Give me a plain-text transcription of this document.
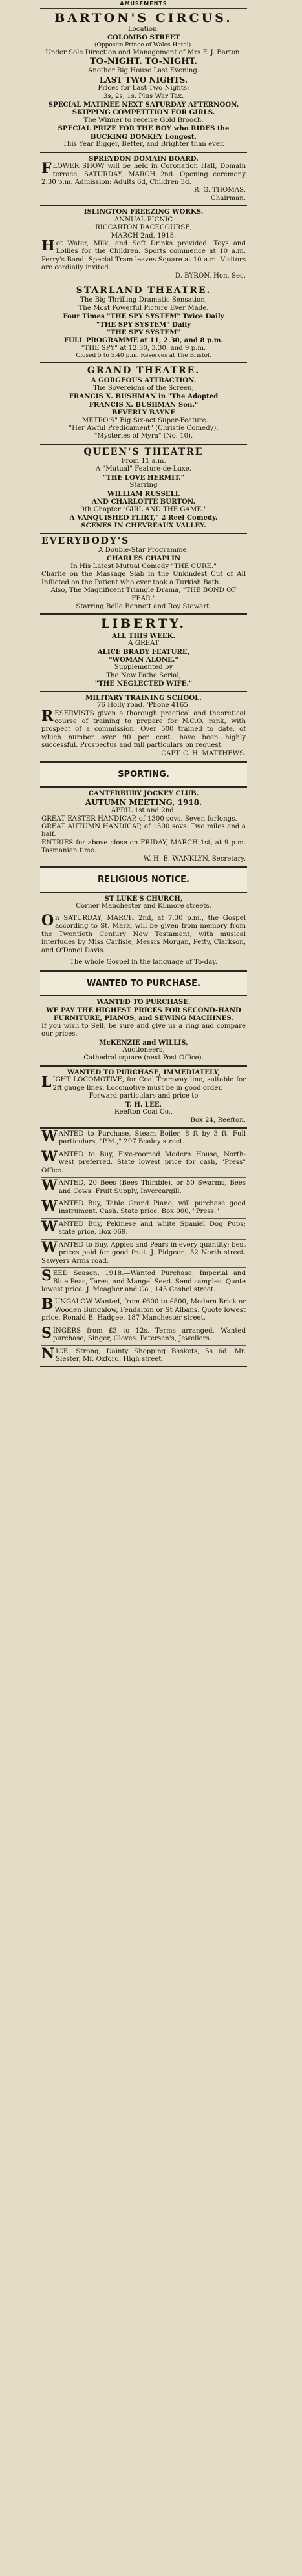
AMUSEMENTS
BARTON'S CIRCUS.
Location:
COLOMBO STREET
(Opposite Prince of Wales Hotel).
Under Sole Direction and Management of Mrs F. J. Barton.
TO-NIGHT. TO-NIGHT.
Another Big House Last Evening.
LAST TWO NIGHTS.
Prices for Last Two Nights:
3s, 2s, 1s. Plus War Tax.
SPECIAL MATINEE NEXT SATURDAY AFTERNOON.
SKIPPING COMPETITION FOR GIRLS.
The Winner to receive Gold Brooch.
SPECIAL PRIZE FOR THE BOY who RIDES the BUCKING DONKEY Longest.
This Year Bigger, Better, and Brighter than ever.
SPREYDON DOMAIN BOARD.
FLOWER SHOW will be held in Coronation Hall, Domain terrace, SATURDAY, MARCH 2nd. Opening ceremony 2.30 p.m. Admission: Adults 6d, Children 3d.
R. G. THOMAS,
Chairman.
ISLINGTON FREEZING WORKS.
ANNUAL PICNIC
RICCARTON RACECOURSE,
MARCH 2nd, 1918.
Hot Water, Milk, and Soft Drinks provided. Toys and Lollies for the Children. Sports commence at 10 a.m. Perry's Band. Special Tram leaves Square at 10 a.m. Visitors are cordially invited.
D. BYRON, Hon. Sec.
STARLAND THEATRE.
The Big Thrilling Dramatic Sensation,
The Most Powerful Picture Ever Made.
Four Times "THE SPY SYSTEM" Twice Daily
"THE SPY SYSTEM" Daily
"THE SPY SYSTEM"
FULL PROGRAMME at 11, 2.30, and 8 p.m.
"THE SPY" at 12.30, 3.30, and 9 p.m.
Closed 5 to 5.40 p.m. Reserves at The Bristol.
GRAND THEATRE.
A GORGEOUS ATTRACTION.
The Sovereigns of the Screen,
FRANCIS X. BUSHMAN in "The Adopted
FRANCIS X. BUSHMAN Son."
BEVERLY BAYNE
"METRO'S" Big Six-act Super-Feature.
"Her Awful Predicament" (Christie Comedy).
"Mysteries of Myra" (No. 10).
QUEEN'S THEATRE
From 11 a.m.
A "Mutual" Feature-de-Luxe.
"THE LOVE HERMIT."
Starring
WILLIAM RUSSELL
AND CHARLOTTE BURTON.
9th Chapter "GIRL AND THE GAME."
A VANQUISHED FLIRT," 2 Reel Comedy.
SCENES IN CHEVREAUX VALLEY.
EVERYBODY'S
A Double-Star Programme.
CHARLES CHAPLIN
In His Latest Mutual Comedy "THE CURE."
Charlie on the Massage Slab in the Unkindest Cut of All Inflicted on the Patient who ever took a Turkish Bath.
Also, The Magnificent Triangle Drama, "THE BOND OF FEAR."
Starring Belle Bennett and Roy Stewart.
LIBERTY.
ALL THIS WEEK.
A GREAT
ALICE BRADY FEATURE,
"WOMAN ALONE."
Supplemented by
The New Pathe Serial,
"THE NEGLECTED WIFE."
MILITARY TRAINING SCHOOL.
76 Holly road. 'Phone 4165.
RESERVISTS given a thorough practical and theoretical course of training to prepare for N.C.O. rank, with prospect of a commission. Over 500 trained to date, of which number over 90 per cent. have been highly successful. Prospectus and full particulars on request.
CAPT. C. H. MATTHEWS.
SPORTING.
CANTERBURY JOCKEY CLUB.
AUTUMN MEETING, 1918.
APRIL 1st and 2nd.
GREAT EASTER HANDICAP, of 1300 sovs. Seven furlongs.
GREAT AUTUMN HANDICAP, of 1500 sovs. Two miles and a half.
ENTRIES for above close on FRIDAY, MARCH 1st, at 9 p.m. Tasmanian time.
W. H. E. WANKLYN, Secretary.
RELIGIOUS NOTICE.
ST LUKE'S CHURCH,
Corner Manchester and Kilmore streets.
On SATURDAY, MARCH 2nd, at 7.30 p.m., the Gospel according to St. Mark, will be given from memory from the Twentieth Century New Testament, with musical interludes by Miss Carlisle, Messrs Morgan, Petty, Clarkson, and O'Donel Davis.
The whole Gospel in the language of To-day.
WANTED TO PURCHASE.
WANTED TO PURCHASE.
WE PAY THE HIGHEST PRICES FOR SECOND-HAND FURNITURE, PIANOS, and SEWING MACHINES.
If you wish to Sell, be sure and give us a ring and compare our prices.
McKENZIE and WILLIS,
Auctioneers,
Cathedral square (next Post Office).
WANTED TO PURCHASE, IMMEDIATELY,
LIGHT LOCOMOTIVE, for Coal Tramway line, suitable for 2ft gauge lines. Locomotive must be in good order.
Forward particulars and price to
T. H. LEE,
Reefton Coal Co.,
Box 24, Reefton.
WANTED to Purchase, Steam Boiler, 8 ft by 3 ft. Full particulars, "P.M.," 297 Bealey street.
WANTED to Buy, Five-roomed Modern House, North-west preferred. State lowest price for cash, "Press" Office.
WANTED, 20 Bees (Bees Thimble), or 50 Swarms, Bees and Cows. Fruit Supply, Invercargill.
WANTED Buy, Table Grand Piano, will purchase good instrument. Cash. State price. Box 000, "Press."
WANTED Buy, Pekinese and white Spaniel Dog Pups; state price, Box 069.
WANTED to Buy, Apples and Pears in every quantity; best prices paid for good fruit. J. Pidgeon, 52 North street. Sawyers Arms road.
SEED Season, 1918.—Wanted Purchase, Imperial and Blue Peas, Tares, and Mangel Seed. Send samples. Quote lowest price. J. Meagher and Co., 145 Cashel street.
BUNGALOW Wanted, from £600 to £800, Modern Brick or Wooden Bungalow, Fendalton or St Albans. Quote lowest price. Ronald B. Hadgee, 187 Manchester street.
SINGERS from £3 to 12s. Terms arranged. Wanted purchase, Singer, Gloves. Petersen's, Jewellers.
NICE, Strong, Dainty Shopping Baskets, 5s 6d. Mr. Slester, Mr. Oxford, High street.
